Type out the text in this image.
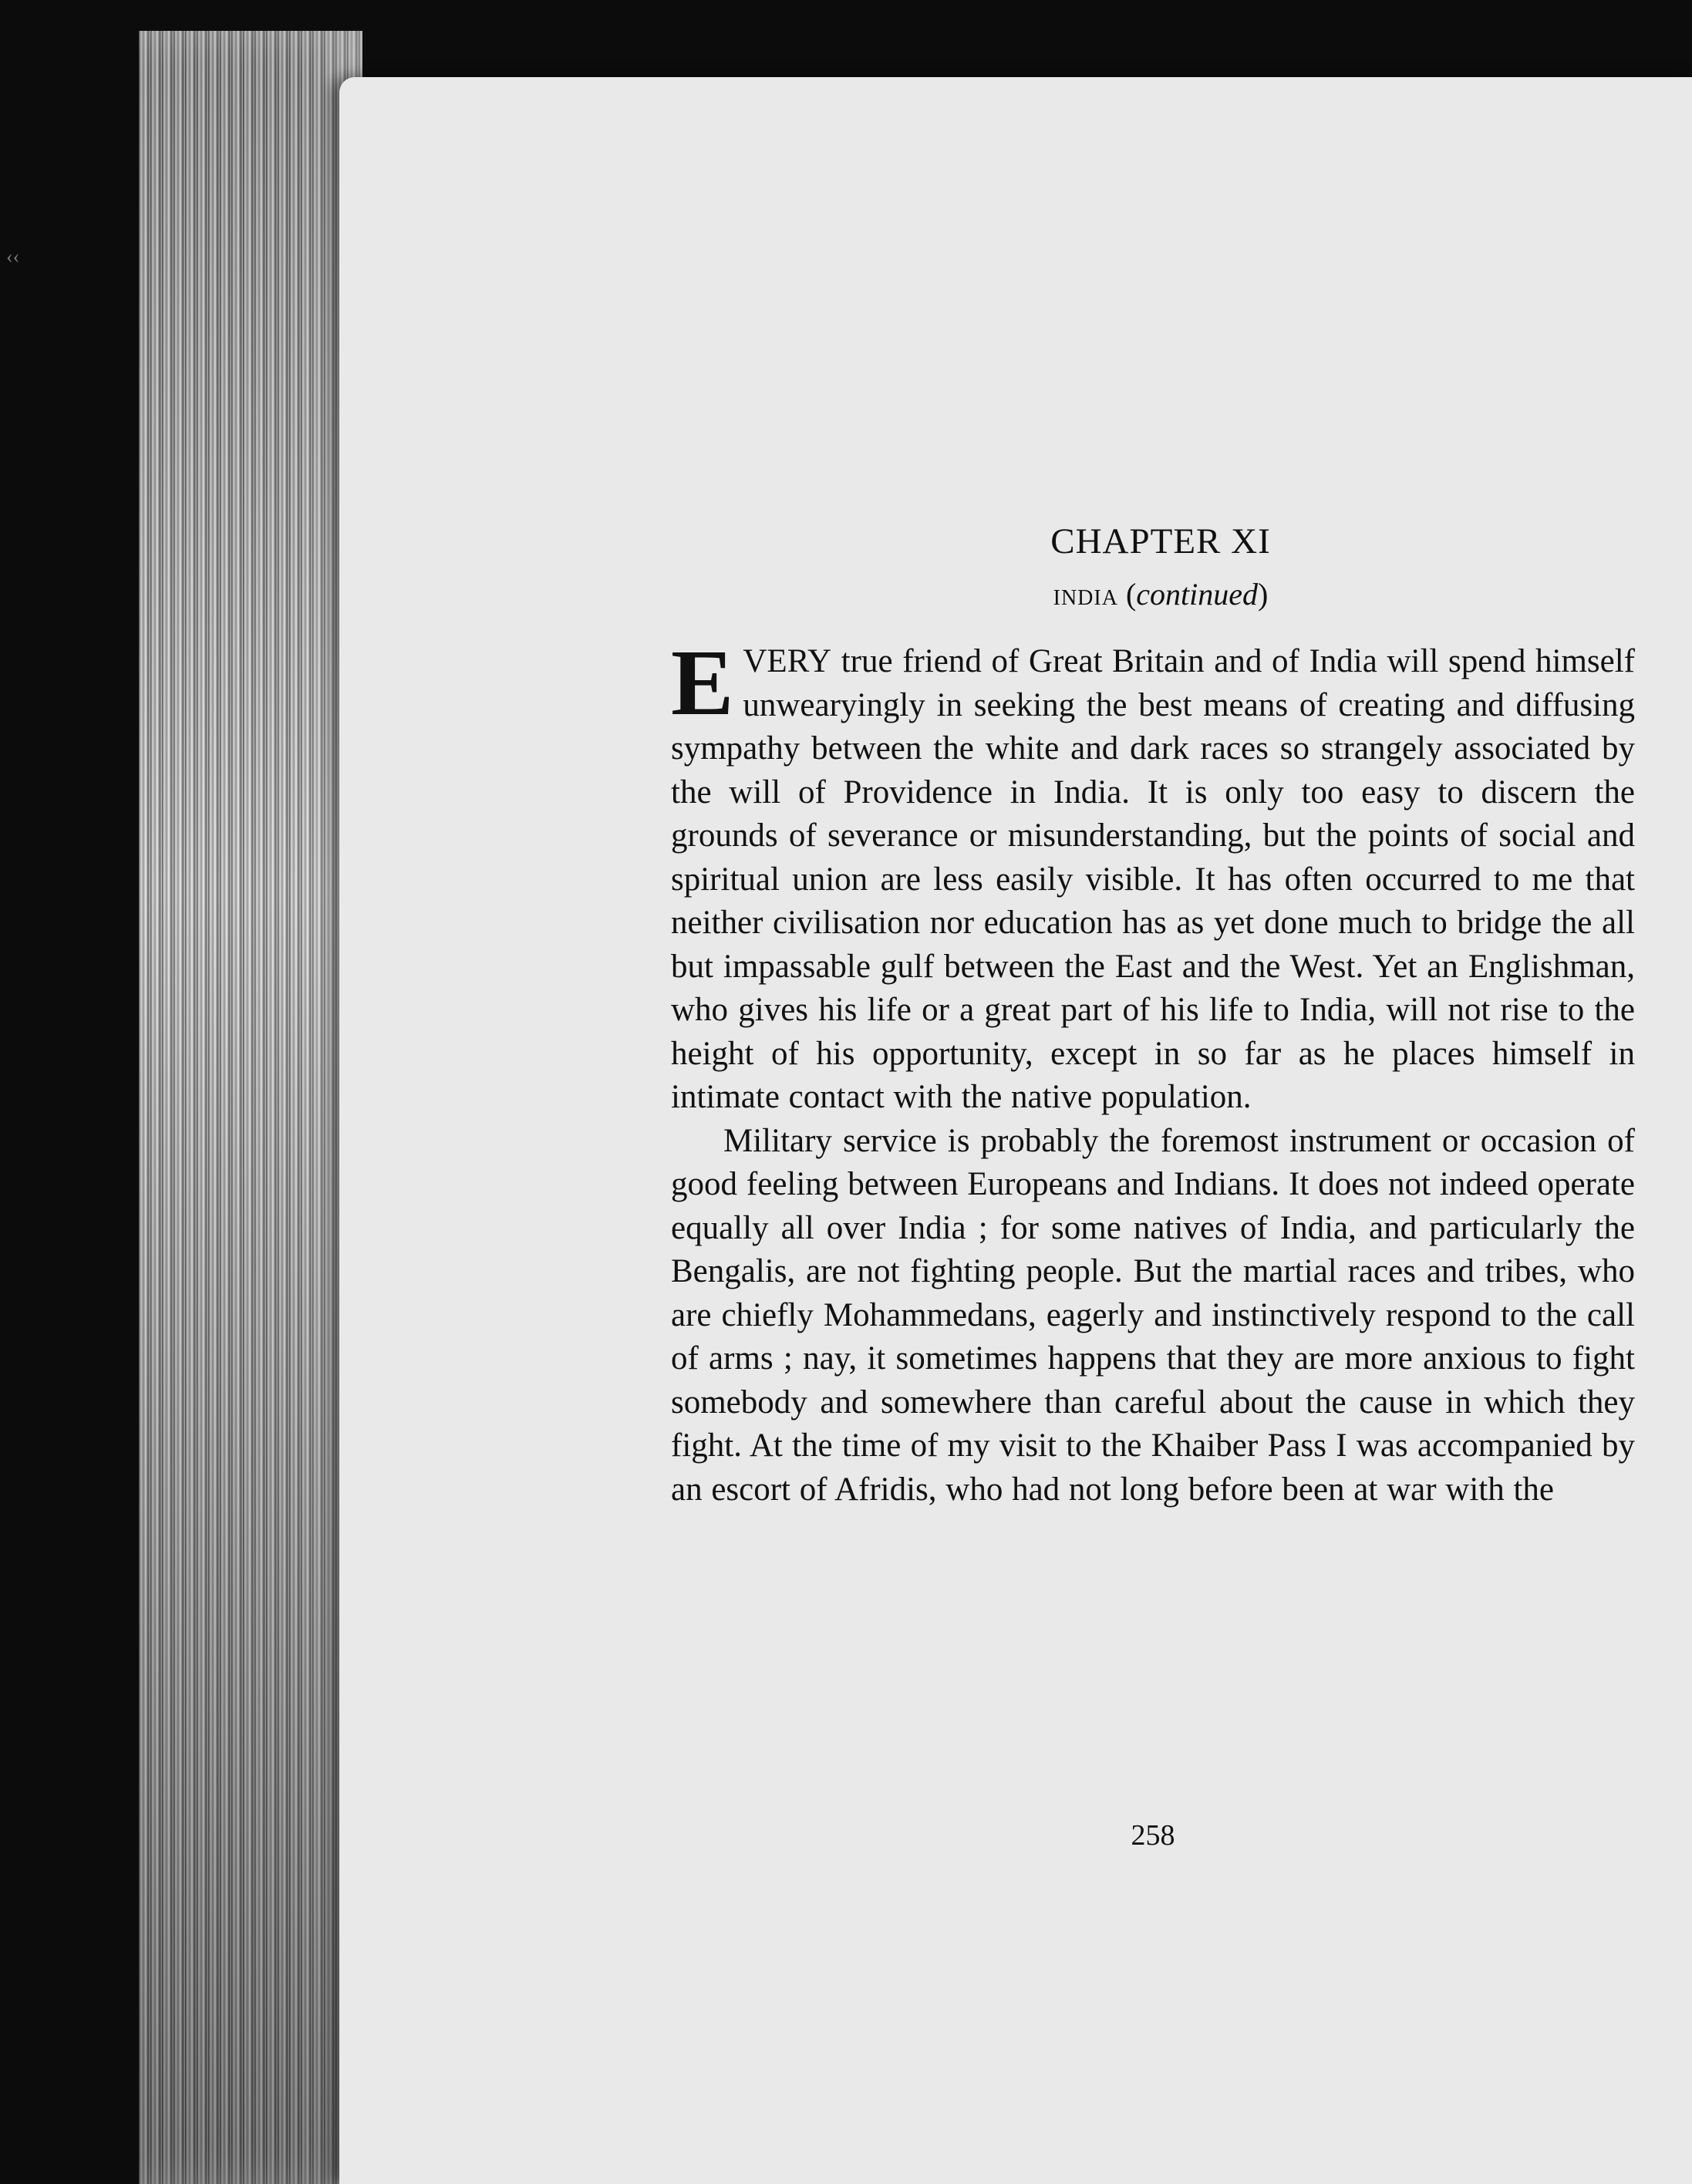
‹‹
CHAPTER XI
india (continued)

EVERY true friend of Great Britain and of India will spend himself unwearyingly in seeking the best means of creating and diffusing sympathy between the white and dark races so strangely associated by the will of Providence in India. It is only too easy to discern the grounds of severance or misunderstanding, but the points of social and spiritual union are less easily visible. It has often occurred to me that neither civilisation nor education has as yet done much to bridge the all but impassable gulf between the East and the West. Yet an Englishman, who gives his life or a great part of his life to India, will not rise to the height of his opportunity, except in so far as he places himself in intimate contact with the native population.

Military service is probably the foremost instrument or occasion of good feeling between Europeans and Indians. It does not indeed operate equally all over India ; for some natives of India, and particularly the Bengalis, are not fighting people. But the martial races and tribes, who are chiefly Mohammedans, eagerly and instinctively respond to the call of arms ; nay, it sometimes happens that they are more anxious to fight somebody and somewhere than careful about the cause in which they fight. At the time of my visit to the Khaiber Pass I was accompanied by an escort of Afridis, who had not long before been at war with the

258
